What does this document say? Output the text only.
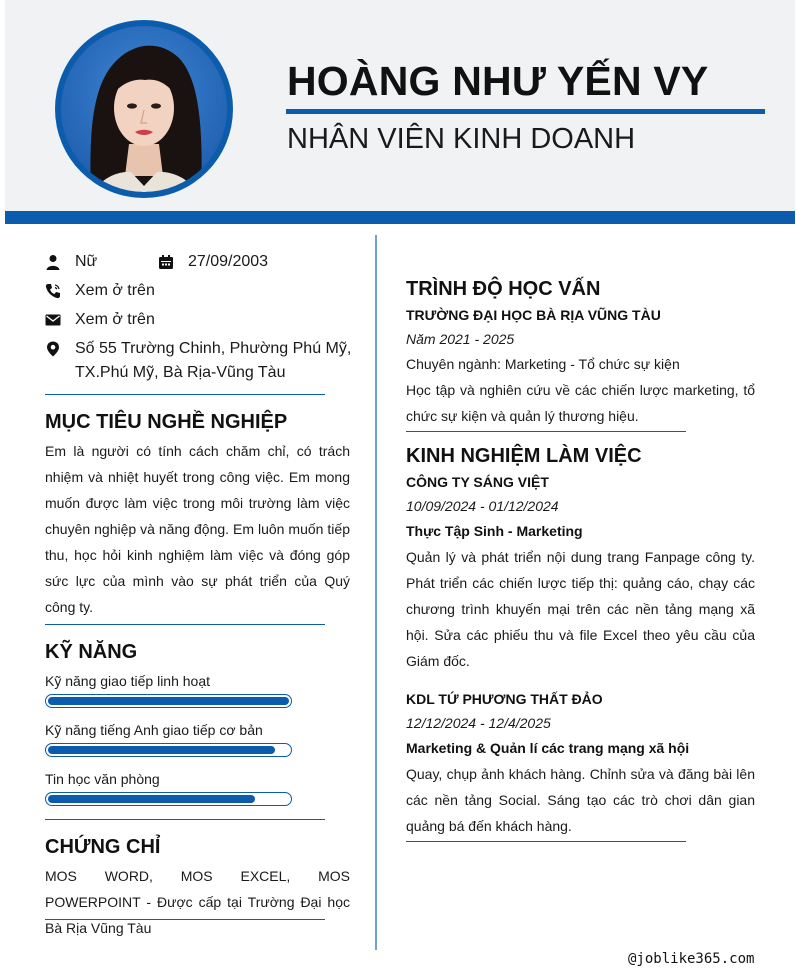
HOÀNG NHƯ YẾN VY
NHÂN VIÊN KINH DOANH
Nữ	27/09/2003
Xem ở trên
Xem ở trên
Số 55 Trường Chinh, Phường Phú Mỹ,
TX.Phú Mỹ, Bà Rịa-Vũng Tàu
MỤC TIÊU NGHỀ NGHIỆP
Em là người có tính cách chăm chỉ, có trách nhiệm và nhiệt huyết trong công việc. Em mong muốn được làm việc trong môi trường làm việc chuyên nghiệp và năng động. Em luôn muốn tiếp thu, học hỏi kinh nghiệm làm việc và đóng góp sức lực của mình vào sự phát triển của Quý công ty.
KỸ NĂNG
Kỹ năng giao tiếp linh hoạt
Kỹ năng tiếng Anh giao tiếp cơ bản
Tin học văn phòng
CHỨNG CHỈ
MOS WORD, MOS EXCEL, MOS POWERPOINT - Được cấp tại Trường Đại học Bà Rịa Vũng Tàu
TRÌNH ĐỘ HỌC VẤN
TRƯỜNG ĐẠI HỌC BÀ RỊA VŨNG TÀU
Năm 2021 - 2025
Chuyên ngành: Marketing - Tổ chức sự kiện
Học tập và nghiên cứu về các chiến lược marketing, tổ chức sự kiện và quản lý thương hiệu.
KINH NGHIỆM LÀM VIỆC
CÔNG TY SÁNG VIỆT
10/09/2024 - 01/12/2024
Thực Tập Sinh - Marketing
Quản lý và phát triển nội dung trang Fanpage công ty. Phát triển các chiến lược tiếp thị: quảng cáo, chạy các chương trình khuyến mại trên các nền tảng mạng xã hội. Sửa các phiếu thu và file Excel theo yêu cầu của Giám đốc.
KDL TỨ PHƯƠNG THẤT ĐẢO
12/12/2024 - 12/4/2025
Marketing & Quản lí các trang mạng xã hội
Quay, chụp ảnh khách hàng. Chỉnh sửa và đăng bài lên các nền tảng Social. Sáng tạo các trò chơi dân gian quảng bá đến khách hàng.
@joblike365.com
